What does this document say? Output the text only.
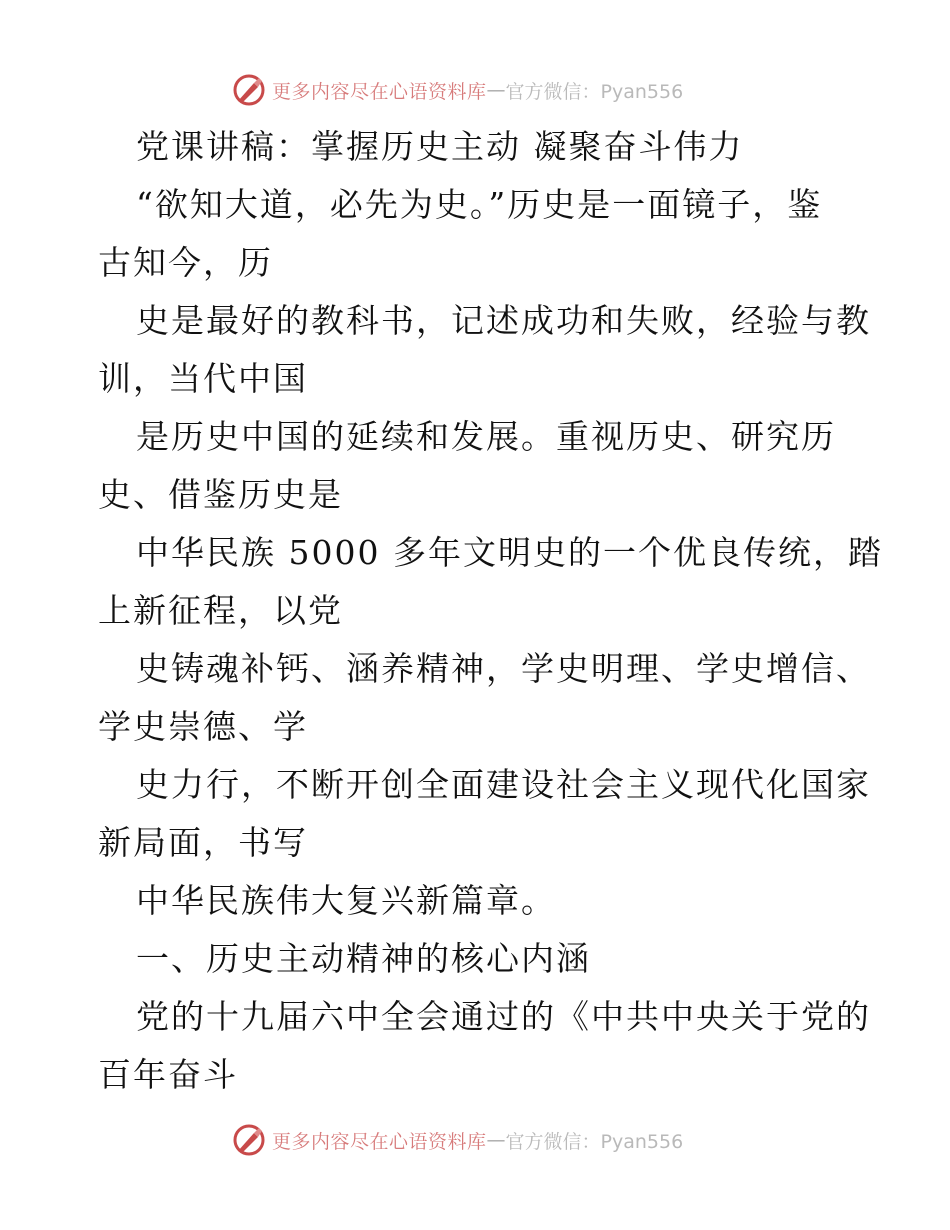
更多内容尽在心语资料库 — 官方微信：Pyan556
党课讲稿：掌握历史主动 凝聚奋斗伟力
“欲知大道，必先为史。”历史是一面镜子，鉴
古知今，历
史是最好的教科书，记述成功和失败，经验与教
训，当代中国
是历史中国的延续和发展。重视历史、研究历
史、借鉴历史是
中华民族 5000 多年文明史的一个优良传统，踏
上新征程，以党
史铸魂补钙、涵养精神，学史明理、学史增信、
学史崇德、学
史力行，不断开创全面建设社会主义现代化国家
新局面，书写
中华民族伟大复兴新篇章。
一、历史主动精神的核心内涵
党的十九届六中全会通过的《中共中央关于党的
百年奋斗
更多内容尽在心语资料库 — 官方微信：Pyan556
